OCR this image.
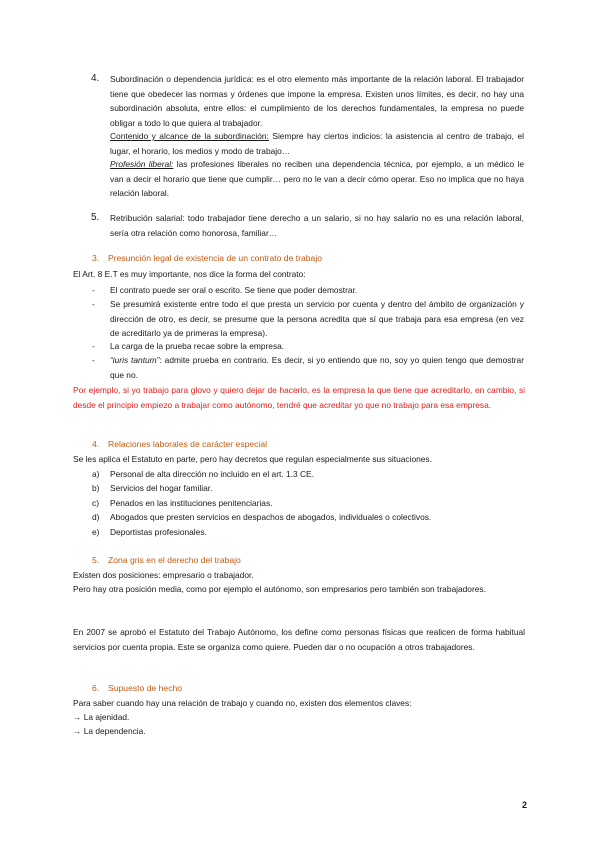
4. Subordinación o dependencia jurídica: es el otro elemento más importante de la relación laboral. El trabajador tiene que obedecer las normas y órdenes que impone la empresa. Existen unos límites, es decir, no hay una subordinación absoluta, entre ellos: el cumplimiento de los derechos fundamentales, la empresa no puede obligar a todo lo que quiera al trabajador.

Contenido y alcance de la subordinación: Siempre hay ciertos indicios: la asistencia al centro de trabajo, el lugar, el horario, los medios y modo de trabajo…

Profesión liberal: las profesiones liberales no reciben una dependencia técnica, por ejemplo, a un médico le van a decir el horario que tiene que cumplir… pero no le van a decir cómo operar. Eso no implica que no haya relación laboral.

5. Retribución salarial: todo trabajador tiene derecho a un salario, si no hay salario no es una relación laboral, sería otra relación como honorosa, familiar…

3. Presunción legal de existencia de un contrato de trabajo

El Art. 8 E.T es muy importante, nos dice la forma del contrato:

- El contrato puede ser oral o escrito. Se tiene que poder demostrar.

- Se presumirá existente entre todo el que presta un servicio por cuenta y dentro del ámbito de organización y dirección de otro, es decir, se presume que la persona acredita que sí que trabaja para esa empresa (en vez de acreditarlo ya de primeras la empresa).

- La carga de la prueba recae sobre la empresa.

- “iuris tantum”: admite prueba en contrario. Es decir, si yo entiendo que no, soy yo quien tengo que demostrar que no.

Por ejemplo, si yo trabajo para glovo y quiero dejar de hacerlo, es la empresa la que tiene que acreditarlo, en cambio, si desde el principio empiezo a trabajar como autónomo, tendré que acreditar yo que no trabajo para esa empresa.

4. Relaciones laborales de carácter especial

Se les aplica el Estatuto en parte, pero hay decretos que regulan especialmente sus situaciones.

a) Personal de alta dirección no incluido en el art. 1.3 CE.

b) Servicios del hogar familiar.

c) Penados en las instituciones penitenciarias.

d) Abogados que presten servicios en despachos de abogados, individuales o colectivos.

e) Deportistas profesionales.

5. Zona gris en el derecho del trabajo

Existen dos posiciones: empresario o trabajador.

Pero hay otra posición media, como por ejemplo el autónomo, son empresarios pero también son trabajadores.

En 2007 se aprobó el Estatuto del Trabajo Autónomo, los define como personas físicas que realicen de forma habitual servicios por cuenta propia. Este se organiza como quiere. Pueden dar o no ocupación a otros trabajadores.

6. Supuesto de hecho

Para saber cuando hay una relación de trabajo y cuando no, existen dos elementos claves:

→ La ajenidad.

→ La dependencia.

2
